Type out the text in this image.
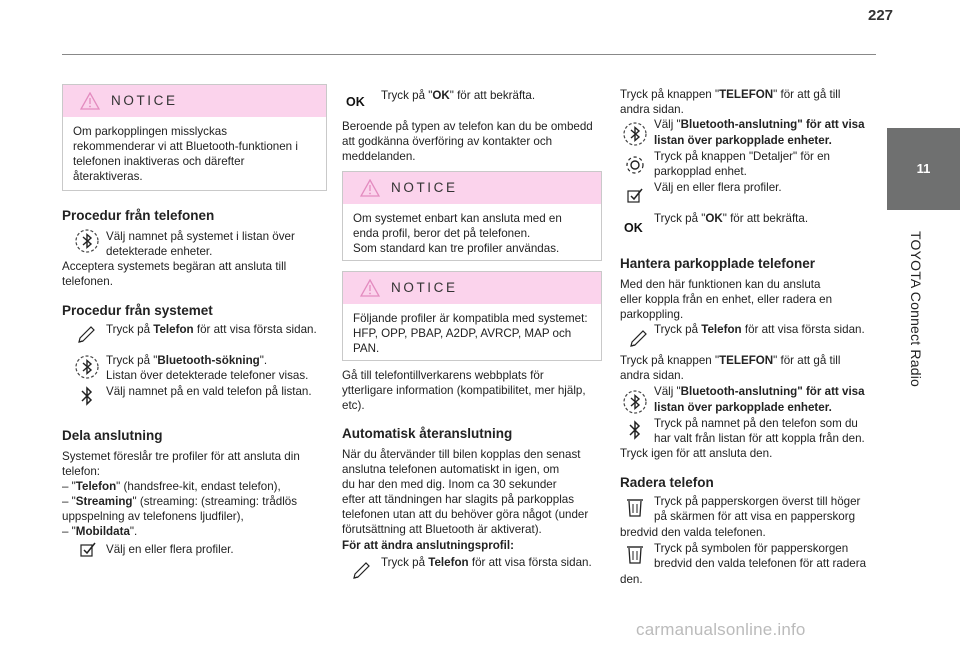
227
11
TOYOTA Connect Radio
NOTICE
Om parkopplingen misslyckas
rekommenderar vi att Bluetooth-funktionen i
telefonen inaktiveras och därefter
återaktiveras.
Procedur från telefonen
Välj namnet på systemet i listan över
detekterade enheter.
Acceptera systemets begäran att ansluta till
telefonen.
Procedur från systemet
Tryck på Telefon för att visa första sidan.
Tryck på "Bluetooth-sökning".
Listan över detekterade telefoner visas.
Välj namnet på en vald telefon på listan.
Dela anslutning
Systemet föreslår tre profiler för att ansluta din
telefon:
– "Telefon" (handsfree-kit, endast telefon),
– "Streaming" (streaming: (streaming: trådlös
uppspelning av telefonens ljudfiler),
– "Mobildata".
Välj en eller flera profiler.
OK Tryck på "OK" för att bekräfta.
Beroende på typen av telefon kan du be ombedd
att godkänna överföring av kontakter och
meddelanden.
NOTICE
Om systemet enbart kan ansluta med en
enda profil, beror det på telefonen.
Som standard kan tre profiler användas.
NOTICE
Följande profiler är kompatibla med systemet:
HFP, OPP, PBAP, A2DP, AVRCP, MAP och
PAN.
Gå till telefontillverkarens webbplats för
ytterligare information (kompatibilitet, mer hjälp,
etc).
Automatisk återanslutning
När du återvänder till bilen kopplas den senast
anslutna telefonen automatiskt in igen, om
du har den med dig. Inom ca 30 sekunder
efter att tändningen har slagits på parkopplas
telefonen utan att du behöver göra något (under
förutsättning att Bluetooth är aktiverat).
För att ändra anslutningsprofil:
Tryck på Telefon för att visa första sidan.
Tryck på knappen "TELEFON" för att gå till
andra sidan.
Välj "Bluetooth-anslutning" för att visa
listan över parkopplade enheter.
Tryck på knappen "Detaljer" för en
parkopplad enhet.
Välj en eller flera profiler.
OK
Tryck på "OK" för att bekräfta.
Hantera parkopplade telefoner
Med den här funktionen kan du ansluta
eller koppla från en enhet, eller radera en
parkoppling.
Tryck på Telefon för att visa första sidan.
Tryck på knappen "TELEFON" för att gå till
andra sidan.
Välj "Bluetooth-anslutning" för att visa
listan över parkopplade enheter.
Tryck på namnet på den telefon som du
har valt från listan för att koppla från den.
Tryck igen för att ansluta den.
Radera telefon
Tryck på papperskorgen överst till höger
på skärmen för att visa en papperskorg
bredvid den valda telefonen.
Tryck på symbolen för papperskorgen
bredvid den valda telefonen för att radera
den.
carmanualsonline.info
